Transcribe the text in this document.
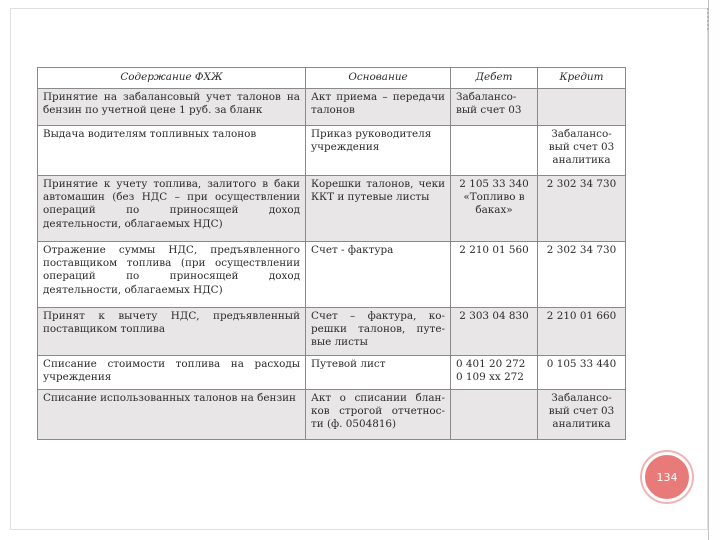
Содержание ФХЖ	Основание	Дебет	Кредит
Принятие на забалансовый учет талонов на бензин по учетной цене 1 руб. за бланк	Акт приема – передачи талонов	Забалансо-вый счет 03	
Выдача водителям топливных талонов	Приказ руководителя учреждения		Забалансо-вый счет 03 аналитика
Принятие к учету топлива, залитого в баки автомашин (без НДС – при осуществлении операций по приносящей доход деятельности, облагаемых НДС)	Корешки талонов, чеки ККТ и путевые листы	2 105 33 340 «Топливо в баках»	2 302 34 730
Отражение суммы НДС, предъявленного поставщиком топлива (при осуществлении операций по приносящей доход деятельности, облагаемых НДС)	Счет - фактура	2 210 01 560	2 302 34 730
Принят к вычету НДС, предъявленный поставщиком топлива	Счет – фактура, ко-решки талонов, путе-вые листы	2 303 04 830	2 210 01 660
Списание стоимости топлива на расходы учреждения	Путевой лист	0 401 20 272 0 109 xx 272	0 105 33 440
Списание использованных талонов на бензин	Акт о списании блан-ков строгой отчетнос-ти (ф. 0504816)		Забалансо-вый счет 03 аналитика
134
